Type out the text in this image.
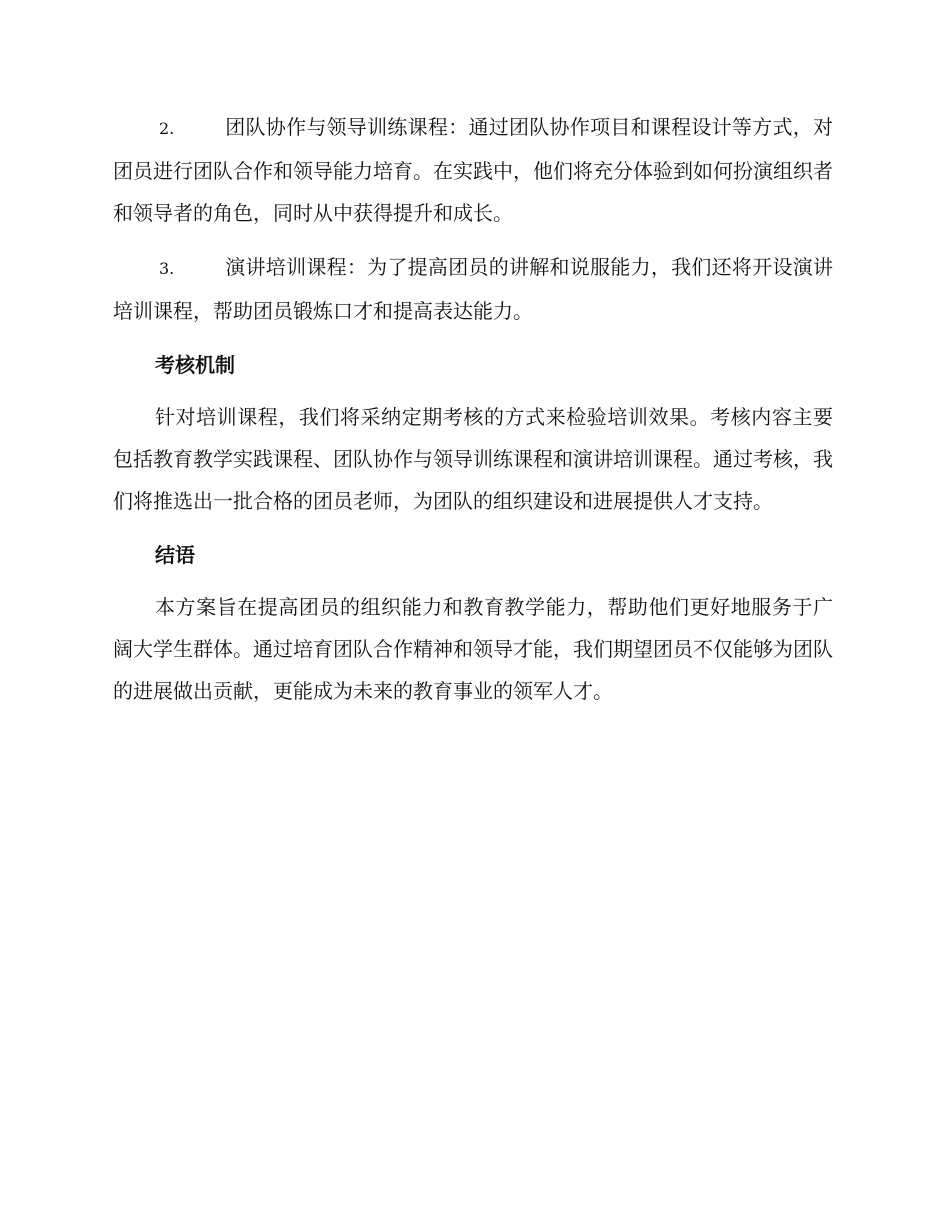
2.	团队协作与领导训练课程：通过团队协作项目和课程设计等方式，对团员进行团队合作和领导能力培育。在实践中，他们将充分体验到如何扮演组织者和领导者的角色，同时从中获得提升和成长。

3.	演讲培训课程：为了提高团员的讲解和说服能力，我们还将开设演讲培训课程，帮助团员锻炼口才和提高表达能力。

考核机制

针对培训课程，我们将采纳定期考核的方式来检验培训效果。考核内容主要包括教育教学实践课程、团队协作与领导训练课程和演讲培训课程。通过考核，我们将推选出一批合格的团员老师，为团队的组织建设和进展提供人才支持。

结语

本方案旨在提高团员的组织能力和教育教学能力，帮助他们更好地服务于广阔大学生群体。通过培育团队合作精神和领导才能，我们期望团员不仅能够为团队的进展做出贡献，更能成为未来的教育事业的领军人才。
